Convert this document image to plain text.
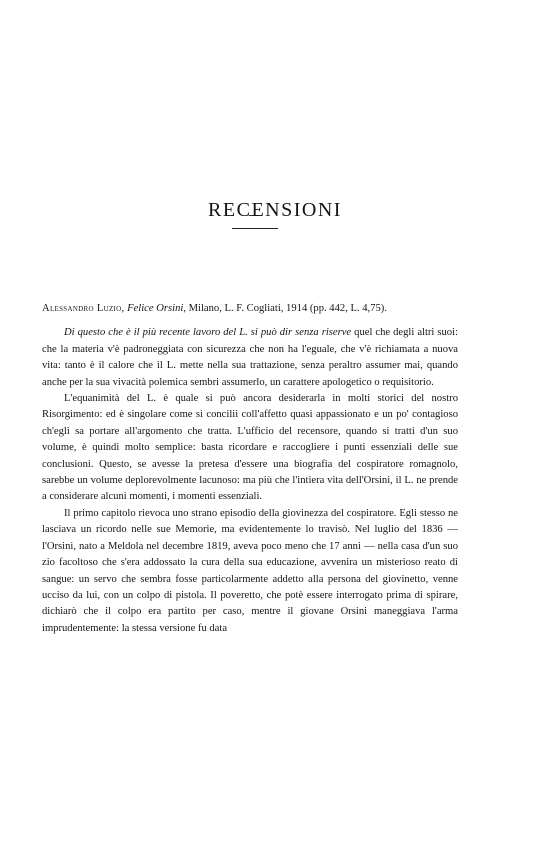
RECENSIONI

Alessandro Luzio, Felice Orsini, Milano, L. F. Cogliati, 1914 (pp. 442, L. 4,75).

Di questo che è il più recente lavoro del L. si può dir senza riserve quel che degli altri suoi: che la materia v'è padroneggiata con sicurezza che non ha l'eguale, che v'è richiamata a nuova vita: tanto è il calore che il L. mette nella sua trattazione, senza peraltro assumer mai, quando anche per la sua vivacità polemica sembri assumerlo, un carattere apologetico o requisitorio.

L'equanimità del L. è quale si può ancora desiderarla in molti storici del nostro Risorgimento: ed è singolare come si concilii coll'affetto quasi appassionato e un po' contagioso ch'egli sa portare all'argomento che tratta. L'ufficio del recensore, quando si tratti d'un suo volume, è quindi molto semplice: basta ricordare e raccogliere i punti essenziali delle sue conclusioni. Questo, se avesse la pretesa d'essere una biografia del cospiratore romagnolo, sarebbe un volume deplorevolmente lacunoso: ma più che l'intiera vita dell'Orsini, il L. ne prende a considerare alcuni momenti, i momenti essenziali.

Il primo capitolo rievoca uno strano episodio della giovinezza del cospiratore. Egli stesso ne lasciava un ricordo nelle sue Memorie, ma evidentemente lo travisò. Nel luglio del 1836 — l'Orsini, nato a Meldola nel decembre 1819, aveva poco meno che 17 anni — nella casa d'un suo zio facoltoso che s'era addossato la cura della sua educazione, avvenira un misterioso reato di sangue: un servo che sembra fosse particolarmente addetto alla persona del giovinetto, venne ucciso da lui, con un colpo di pistola. Il poveretto, che potè essere interrogato prima di spirare, dichiarò che il colpo era partito per caso, mentre il giovane Orsini maneggiava l'arma imprudentemente: la stessa versione fu data
